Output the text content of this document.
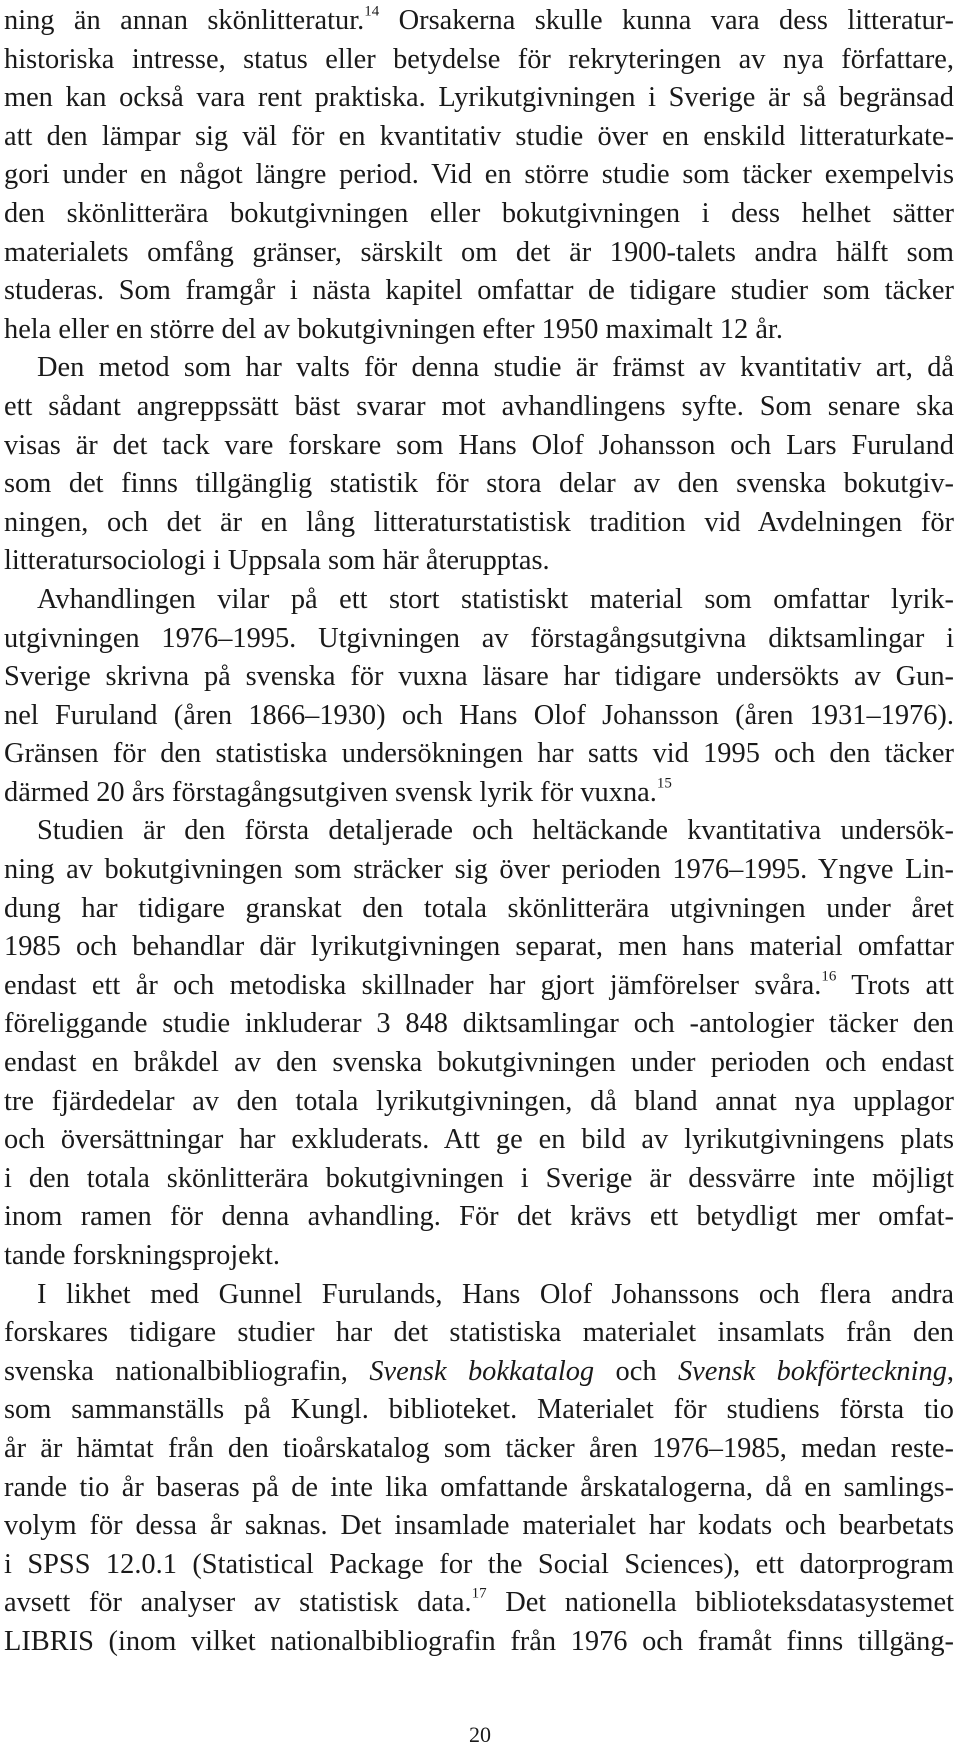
ning än annan skönlitteratur.$^{14}$ Orsakerna skulle kunna vara dess litteratur-
historiska intresse, status eller betydelse för rekryteringen av nya författare,
men kan också vara rent praktiska. Lyrikutgivningen i Sverige är så begränsad
att den lämpar sig väl för en kvantitativ studie över en enskild litteraturkate-
gori under en något längre period. Vid en större studie som täcker exempelvis
den skönlitterära bokutgivningen eller bokutgivningen i dess helhet sätter
materialets omfång gränser, särskilt om det är 1900-talets andra hälft som
studeras. Som framgår i nästa kapitel omfattar de tidigare studier som täcker
hela eller en större del av bokutgivningen efter 1950 maximalt 12 år.
Den metod som har valts för denna studie är främst av kvantitativ art, då
ett sådant angreppssätt bäst svarar mot avhandlingens syfte. Som senare ska
visas är det tack vare forskare som Hans Olof Johansson och Lars Furuland
som det finns tillgänglig statistik för stora delar av den svenska bokutgiv-
ningen, och det är en lång litteraturstatistisk tradition vid Avdelningen för
litteratursociologi i Uppsala som här återupptas.
Avhandlingen vilar på ett stort statistiskt material som omfattar lyrik-
utgivningen 1976–1995. Utgivningen av förstagångsutgivna diktsamlingar i
Sverige skrivna på svenska för vuxna läsare har tidigare undersökts av Gun-
nel Furuland (åren 1866–1930) och Hans Olof Johansson (åren 1931–1976).
Gränsen för den statistiska undersökningen har satts vid 1995 och den täcker
därmed 20 års förstagångsutgiven svensk lyrik för vuxna.$^{15}$
Studien är den första detaljerade och heltäckande kvantitativa undersök-
ning av bokutgivningen som sträcker sig över perioden 1976–1995. Yngve Lin-
dung har tidigare granskat den totala skönlitterära utgivningen under året
1985 och behandlar där lyrikutgivningen separat, men hans material omfattar
endast ett år och metodiska skillnader har gjort jämförelser svåra.$^{16}$ Trots att
föreliggande studie inkluderar 3 848 diktsamlingar och -antologier täcker den
endast en bråkdel av den svenska bokutgivningen under perioden och endast
tre fjärdedelar av den totala lyrikutgivningen, då bland annat nya upplagor
och översättningar har exkluderats. Att ge en bild av lyrikutgivningens plats
i den totala skönlitterära bokutgivningen i Sverige är dessvärre inte möjligt
inom ramen för denna avhandling. För det krävs ett betydligt mer omfat-
tande forskningsprojekt.
I likhet med Gunnel Furulands, Hans Olof Johanssons och flera andra
forskares tidigare studier har det statistiska materialet insamlats från den
svenska nationalbibliografin, Svensk bokkatalog och Svensk bokförteckning,
som sammanställs på Kungl. biblioteket. Materialet för studiens första tio
år är hämtat från den tioårskatalog som täcker åren 1976–1985, medan reste-
rande tio år baseras på de inte lika omfattande årskatalogerna, då en samlings-
volym för dessa år saknas. Det insamlade materialet har kodats och bearbetats
i SPSS 12.0.1 (Statistical Package for the Social Sciences), ett datorprogram
avsett för analyser av statistisk data.$^{17}$ Det nationella biblioteksdatasystemet
LIBRIS (inom vilket nationalbibliografin från 1976 och framåt finns tillgäng-
20
